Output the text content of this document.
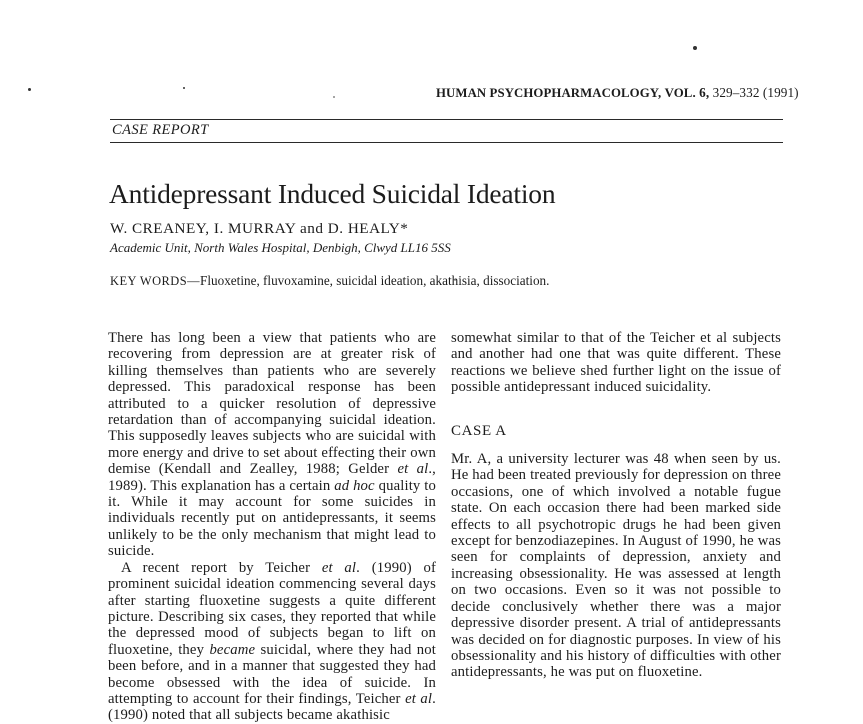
HUMAN PSYCHOPHARMACOLOGY, VOL. 6, 329–332 (1991)
CASE REPORT
Antidepressant Induced Suicidal Ideation
W. CREANEY, I. MURRAY and D. HEALY*
Academic Unit, North Wales Hospital, Denbigh, Clwyd LL16 5SS
KEY WORDS—Fluoxetine, fluvoxamine, suicidal ideation, akathisia, dissociation.

There has long been a view that patients who are recovering from depression are at greater risk of killing themselves than patients who are severely depressed. This paradoxical response has been attributed to a quicker resolution of depressive retardation than of accompanying suicidal ideation. This supposedly leaves subjects who are suicidal with more energy and drive to set about effecting their own demise (Kendall and Zealley, 1988; Gelder et al., 1989). This explanation has a certain ad hoc quality to it. While it may account for some suicides in individuals recently put on antidepressants, it seems unlikely to be the only mechanism that might lead to suicide.

A recent report by Teicher et al. (1990) of prominent suicidal ideation commencing several days after starting fluoxetine suggests a quite different picture. Describing six cases, they reported that while the depressed mood of subjects began to lift on fluoxetine, they became suicidal, where they had not been before, and in a manner that suggested they had become obsessed with the idea of suicide. In attempting to account for their findings, Teicher et al. (1990) noted that all subjects became akathisic

somewhat similar to that of the Teicher et al subjects and another had one that was quite different. These reactions we believe shed further light on the issue of possible antidepressant induced suicidality.

CASE A

Mr. A, a university lecturer was 48 when seen by us. He had been treated previously for depression on three occasions, one of which involved a notable fugue state. On each occasion there had been marked side effects to all psychotropic drugs he had been given except for benzodiazepines. In August of 1990, he was seen for complaints of depression, anxiety and increasing obsessionality. He was assessed at length on two occasions. Even so it was not possible to decide conclusively whether there was a major depressive disorder present. A trial of antidepressants was decided on for diagnostic purposes. In view of his obsessionality and his history of difficulties with other antidepressants, he was put on fluoxetine.
